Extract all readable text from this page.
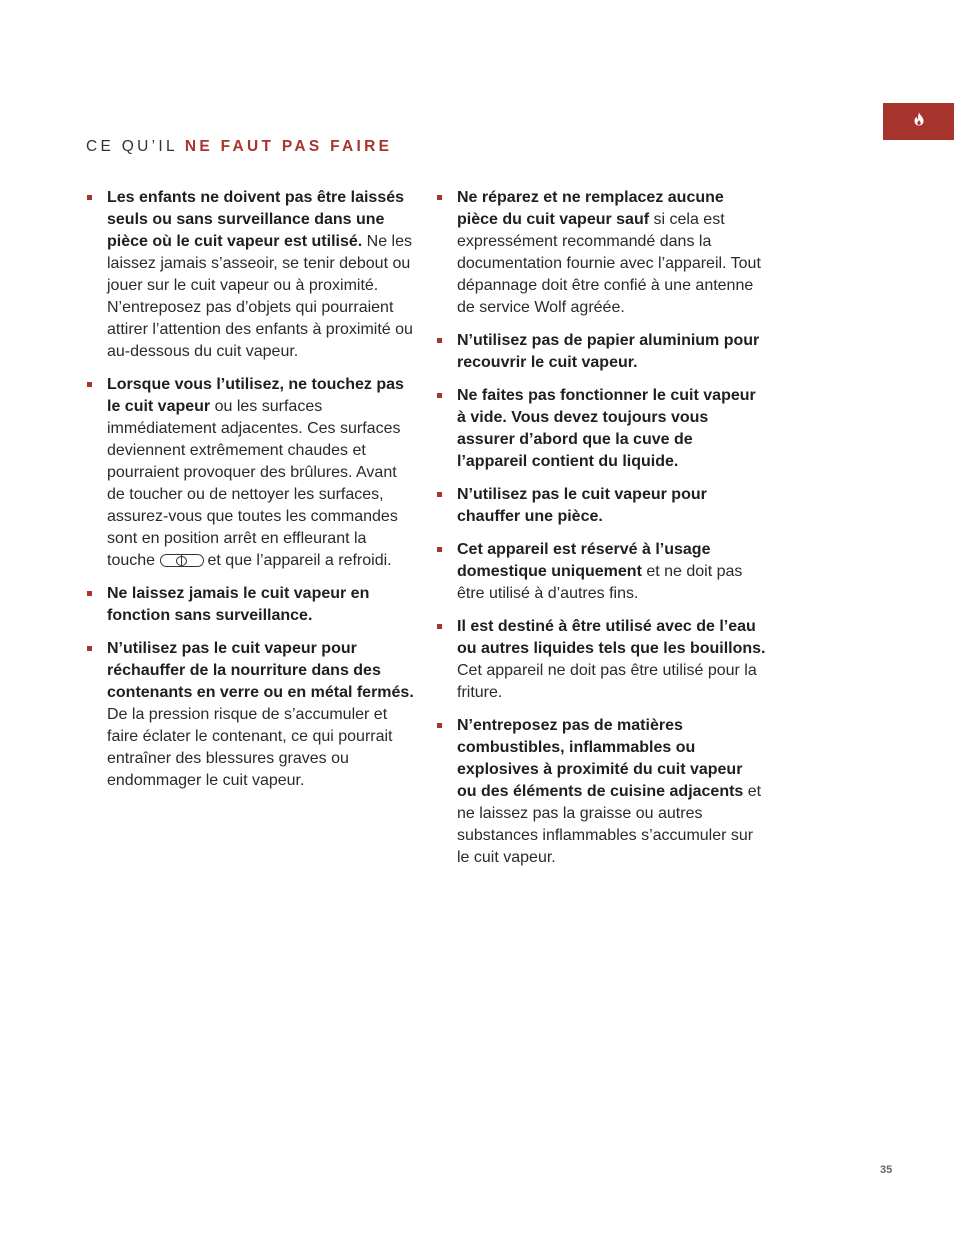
CE QU’IL NE FAUT PAS FAIRE
Les enfants ne doivent pas être laissés seuls ou sans surveillance dans une pièce où le cuit vapeur est utilisé. Ne les laissez jamais s’asseoir, se tenir debout ou jouer sur le cuit vapeur ou à proximité. N’entreposez pas d’objets qui pourraient attirer l’attention des enfants à proximité ou au-dessous du cuit vapeur.
Lorsque vous l’utilisez, ne touchez pas le cuit vapeur ou les surfaces immédiatement adjacentes. Ces surfaces deviennent extrêmement chaudes et pourraient provoquer des brûlures. Avant de toucher ou de nettoyer les surfaces, assurez-vous que toutes les commandes sont en position arrêt en effleurant la touche	et que l’appareil a refroidi.
Ne laissez jamais le cuit vapeur en fonction sans surveillance.
N’utilisez pas le cuit vapeur pour réchauffer de la nourriture dans des contenants en verre ou en métal fermés. De la pression risque de s’accumuler et faire éclater le contenant, ce qui pourrait entraîner des blessures graves ou endommager le cuit vapeur.
Ne réparez et ne remplacez aucune pièce du cuit vapeur sauf si cela est expressément recommandé dans la documentation fournie avec l’appareil. Tout dépannage doit être confié à une antenne de service Wolf agréée.
N’utilisez pas de papier aluminium pour recouvrir le cuit vapeur.
Ne faites pas fonctionner le cuit vapeur à vide. Vous devez toujours vous assurer d’abord que la cuve de l’appareil contient du liquide.
N’utilisez pas le cuit vapeur pour chauffer une pièce.
Cet appareil est réservé à l’usage domestique uniquement et ne doit pas être utilisé à d’autres fins.
Il est destiné à être utilisé avec de l’eau ou autres liquides tels que les bouillons. Cet appareil ne doit pas être utilisé pour la friture.
N’entreposez pas de matières combustibles, inflammables ou explosives à proximité du cuit vapeur ou des éléments de cuisine adjacents et ne laissez pas la graisse ou autres substances inflammables s’accumuler sur le cuit vapeur.
35
